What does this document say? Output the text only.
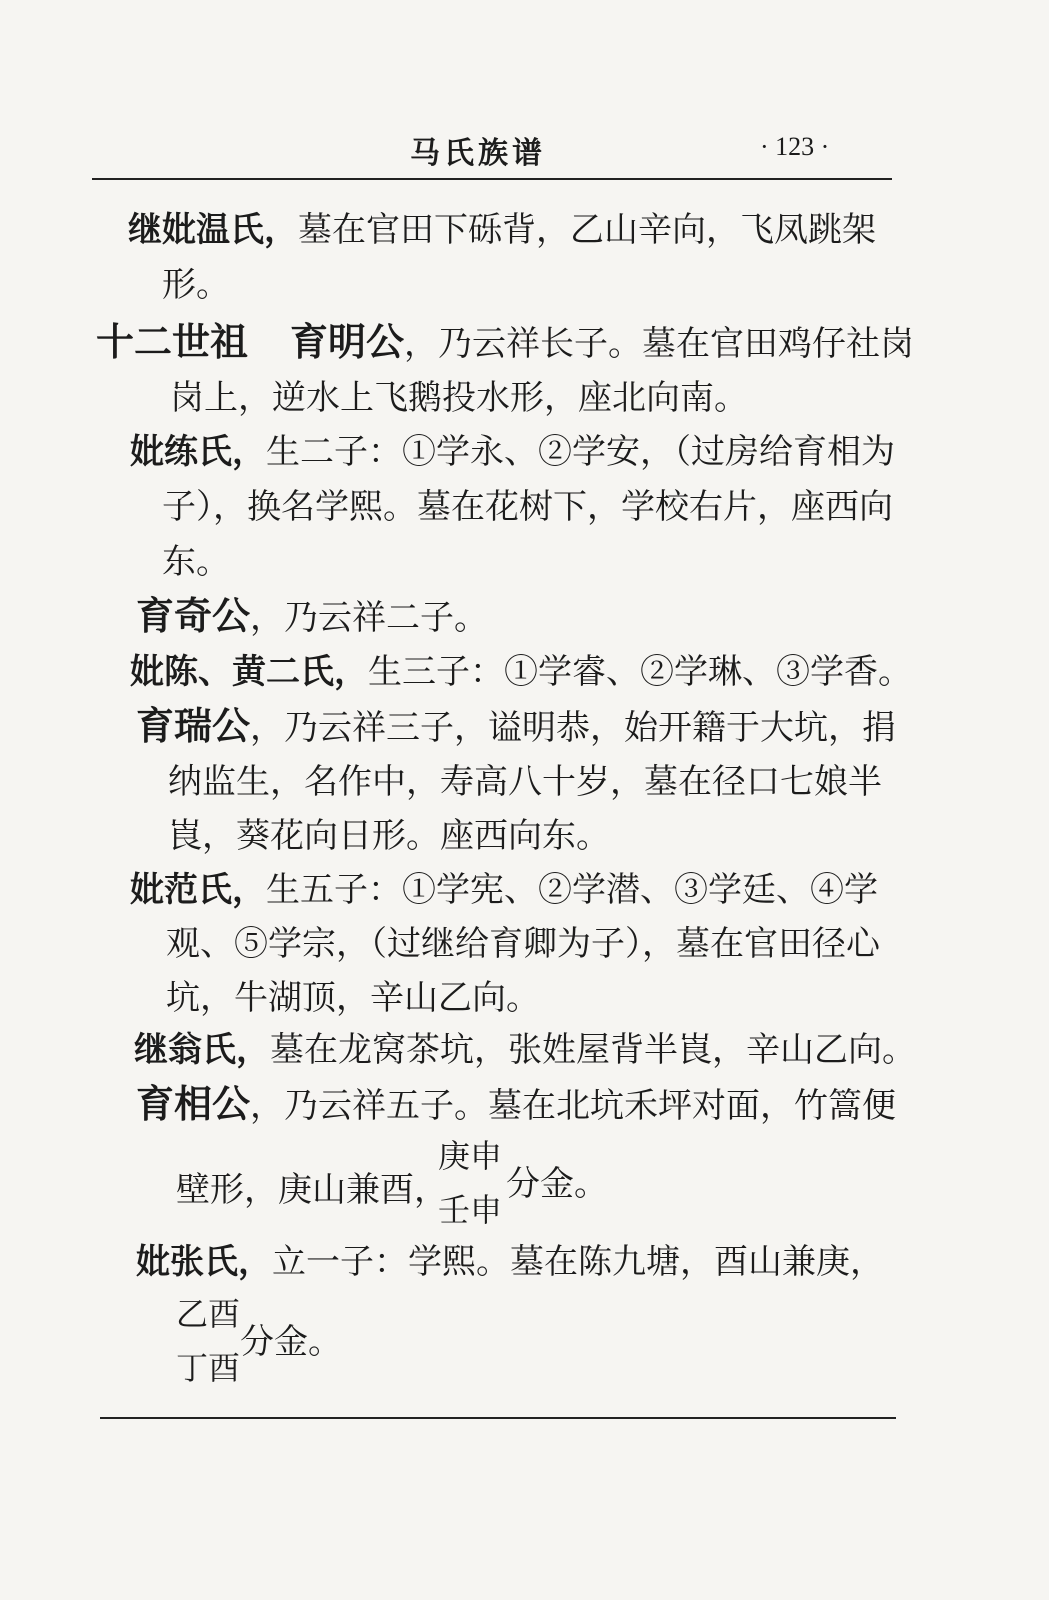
马氏族谱	· 123 ·
继妣温氏，墓在官田下砾背，乙山辛向，飞凤跳架
形。
十二世祖 育明公，乃云祥长子。墓在官田鸡仔社岗
岗上，逆水上飞鹅投水形，座北向南。
妣练氏，生二子：①学永、②学安，（过房给育相为
子），换名学熙。墓在花树下，学校右片，座西向
东。
育奇公，乃云祥二子。
妣陈、黄二氏，生三子：①学睿、②学琳、③学香。
育瑞公，乃云祥三子，谥明恭，始开籍于大坑，捐
纳监生，名作中，寿高八十岁，墓在径口七娘半
崀，葵花向日形。座西向东。
妣范氏，生五子：①学宪、②学潜、③学廷、④学
观、⑤学宗，（过继给育卿为子），墓在官田径心
坑，牛湖顶，辛山乙向。
继翁氏，墓在龙窝茶坑，张姓屋背半崀，辛山乙向。
育相公，乃云祥五子。墓在北坑禾坪对面，竹篙便
壁形，庚山兼酉，
庚申
壬申
分金。
妣张氏，立一子：学熙。墓在陈九塘，酉山兼庚，
乙酉
丁酉
分金。
